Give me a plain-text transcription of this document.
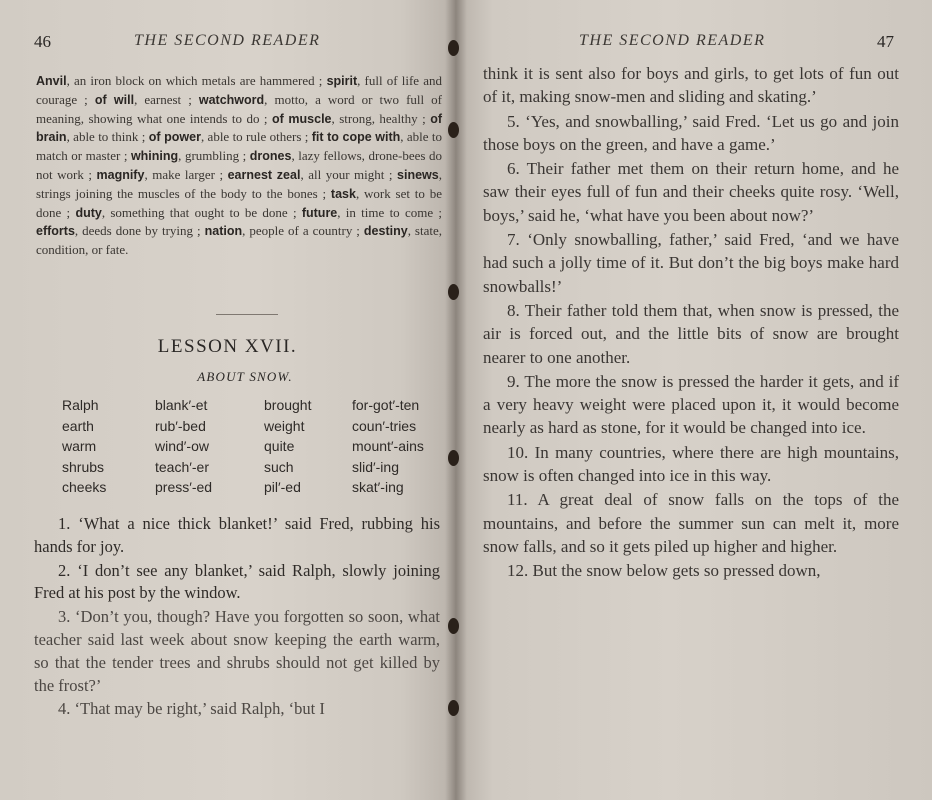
46	THE SECOND READER
Anvil, an iron block on which metals are hammered ; spirit, full of life and courage ; of will, earnest ; watchword, motto, a word or two full of meaning, showing what one intends to do ; of muscle, strong, healthy ; of brain, able to think ; of power, able to rule others ; fit to cope with, able to match or master ; whining, grumbling ; drones, lazy fellows, drone-bees do not work ; magnify, make larger ; earnest zeal, all your might ; sinews, strings joining the muscles of the body to the bones ; task, work set to be done ; duty, something that ought to be done ; future, in time to come ; efforts, deeds done by trying ; nation, people of a country ; destiny, state, condition, or fate.
LESSON XVII.
ABOUT SNOW.
Ralph
earth
warm
shrubs
cheeks
blank′-et
rub′-bed
wind′-ow
teach′-er
press′-ed
brought
weight
quite
such
pil′-ed
for-got′-ten
coun′-tries
mount′-ains
slid′-ing
skat′-ing

1. ‘What a nice thick blanket!’ said Fred, rubbing his hands for joy.

2. ‘I don’t see any blanket,’ said Ralph, slowly joining Fred at his post by the window.

3. ‘Don’t you, though? Have you forgotten so soon, what teacher said last week about snow keeping the earth warm, so that the tender trees and shrubs should not get killed by the frost?’

4. ‘That may be right,’ said Ralph, ‘but I

THE SECOND READER	47

think it is sent also for boys and girls, to get lots of fun out of it, making snow-men and sliding and skating.’

5. ‘Yes, and snowballing,’ said Fred. ‘Let us go and join those boys on the green, and have a game.’

6. Their father met them on their return home, and he saw their eyes full of fun and their cheeks quite rosy. ‘Well, boys,’ said he, ‘what have you been about now?’

7. ‘Only snowballing, father,’ said Fred, ‘and we have had such a jolly time of it. But don’t the big boys make hard snowballs!’

8. Their father told them that, when snow is pressed, the air is forced out, and the little bits of snow are brought nearer to one another.

9. The more the snow is pressed the harder it gets, and if a very heavy weight were placed upon it, it would become nearly as hard as stone, for it would be changed into ice.

10. In many countries, where there are high mountains, snow is often changed into ice in this way.

11. A great deal of snow falls on the tops of the mountains, and before the summer sun can melt it, more snow falls, and so it gets piled up higher and higher.

12. But the snow below gets so pressed down,
